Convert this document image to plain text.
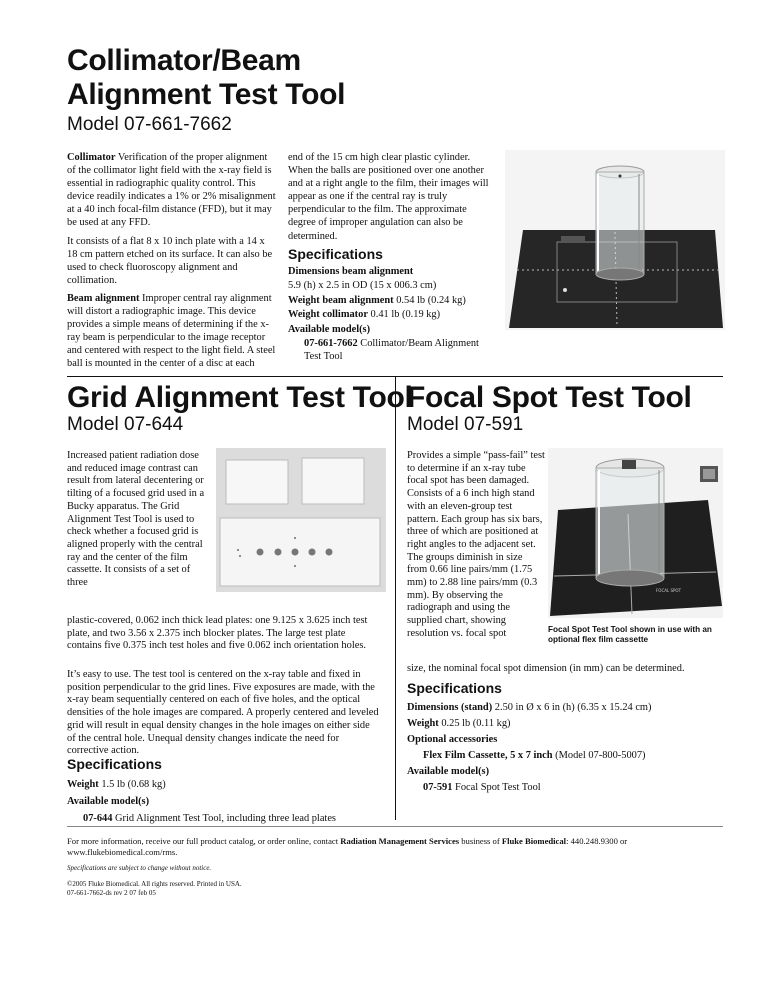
Collimator/Beam
Alignment Test Tool
Model 07-661-7662

Collimator Verification of the proper alignment of the collimator light field with the x-ray field is essential in radiographic quality control. This device readily indicates a 1% or 2% misalignment at a 40 inch focal-film distance (FFD), but it may be used at any FFD.

It consists of a flat 8 x 10 inch plate with a 14 x 18 cm pattern etched on its surface. It can also be used to check fluoroscopy alignment and collimation.

Beam alignment Improper central ray alignment will distort a radiographic image. This device provides a simple means of determining if the x-ray beam is perpendicular to the image receptor and centered with respect to the light field. A steel ball is mounted in the center of a disc at each

end of the 15 cm high clear plastic cylinder. When the balls are positioned over one another and at a right angle to the film, their images will appear as one if the central ray is truly perpendicular to the film. The approximate degree of improper angulation can also be determined.

Specifications
Dimensions beam alignment
5.9 (h) x 2.5 in OD (15 x 006.3 cm)
Weight beam alignment 0.54 lb (0.24 kg)
Weight collimator 0.41 lb (0.19 kg)
Available model(s)
07-661-7662 Collimator/Beam Alignment Test Tool
Grid Alignment Test Tool
Model 07-644
Increased patient radiation dose and reduced image contrast can result from lateral decentering or tilting of a focused grid used in a Bucky apparatus. The Grid Alignment Test Tool is used to check whether a focused grid is aligned properly with the central ray and the center of the film cassette. It consists of a set of three
plastic-covered, 0.062 inch thick lead plates: one 9.125 x 3.625 inch test plate, and two 3.56 x 2.375 inch blocker plates. The large test plate contains five 0.375 inch test holes and five 0.062 inch orientation holes.
It’s easy to use. The test tool is centered on the x-ray table and fixed in position perpendicular to the grid lines. Five exposures are made, with the x-ray beam sequentially centered on each of five holes, and the optical densities of the hole images are compared. A properly centered and leveled grid will result in equal density changes in the hole images on either side of the central hole. Unequal density changes indicate the need for corrective action.
Specifications
Weight 1.5 lb (0.68 kg)
Available model(s)
07-644 Grid Alignment Test Tool, including three lead plates
Focal Spot Test Tool
Model 07-591
Provides a simple “pass-fail” test to determine if an x-ray tube focal spot has been damaged. Consists of a 6 inch high stand with an eleven-group test pattern. Each group has six bars, three of which are positioned at right angles to the adjacent set. The groups diminish in size from 0.66 line pairs/mm (1.75 mm) to 2.88 line pairs/mm (0.3 mm). By observing the radiograph and using the supplied chart, showing resolution vs. focal spot
size, the nominal focal spot dimension (in mm) can be determined.
FOCAL SPOT
Focal Spot Test Tool shown in use with an optional flex film cassette
Specifications
Dimensions (stand) 2.50 in Ø x 6 in (h) (6.35 x 15.24 cm)
Weight 0.25 lb (0.11 kg)
Optional accessories
Flex Film Cassette, 5 x 7 inch (Model 07-800-5007)
Available model(s)
07-591 Focal Spot Test Tool
For more information, receive our full product catalog, or order online, contact Radiation Management Services business of Fluke Biomedical: 440.248.9300 or www.flukebiomedical.com/rms.
Specifications are subject to change without notice.
©2005 Fluke Biomedical. All rights reserved. Printed in USA.
07-661-7662-ds rev 2 07 feb 05
